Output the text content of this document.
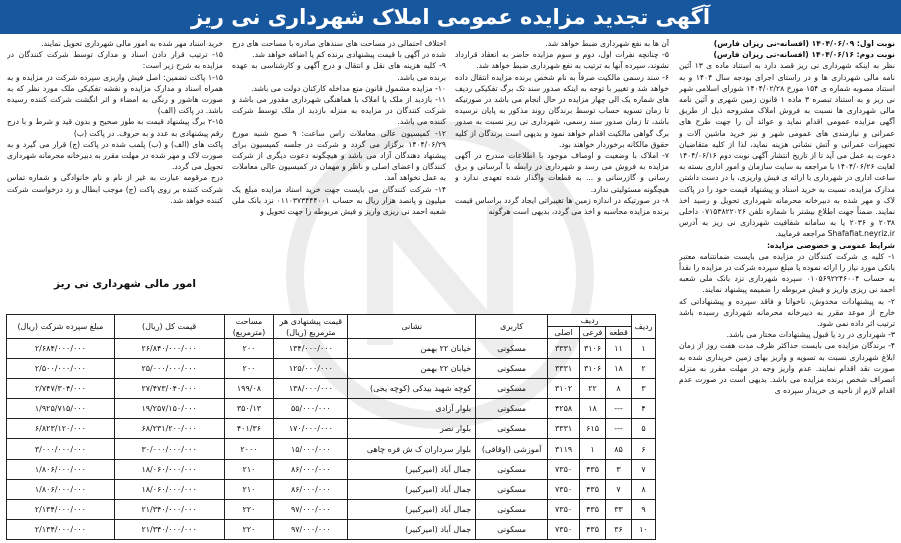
آگهی تجدید مزایده عمومی املاک شهرداری نی ریز

نوبت اول: ۱۴۰۴/۰۶/۰۹ (افسانه-نی ریزان فارس)

نوبت دوم: ۱۴۰۴/۰۶/۱۶ (افسانه-نی ریزان فارس)

نظر به اینکه شهرداری نی ریز قصد دارد به استناد ماده ی ۱۳ آئین نامه مالی شهرداری ها و در راستای اجرای بودجه سال ۱۴۰۴ و به استناد مصوبه شماره ی ۱۵۴ مورخ ۱۴۰۴/۰۲/۲۸ شورای اسلامی شهر نی ریز و به استناد تبصره ۳ ماده ۱ قانون زمین شهری و آئین نامه مالی شهرداری ها نسبت به فروش املاک مشروحه ذیل از طریق آگهی مزایده عمومی اقدام نماید و عوائد آن را جهت طرح های عمرانی و نیازمندی های عمومی شهر و نیز خرید ماشین آلات و تجهیزات عمرانی و آتش نشانی هزینه نماید، لذا از کلیه متقاضیان دعوت به عمل می آید تا از تاریخ انتشار آگهی نوبت دوم ۱۴۰۴/۰۶/۱۶ لغایت ۱۴۰۴/۰۶/۲۶ با مراجعه به سایت سازمان و امور اداری بسته به ساعت اداری در شهرداری با ارائه ی فیش واریزی، با در دست داشتن مدارک مزایده، نسبت به خرید اسناد و پیشنهاد قیمت خود را در پاکت لاک و مهر شده به دبیرخانه محرمانه شهرداری تحویل و رسید اخذ نمایند. ضمناً جهت اطلاع بیشتر با شماره تلفن ۰۷۱۵۳۸۲۲۰۲۶ داخلی ۲۰۳۸ و ۲۰۳۶ یا به سامانه شفافیت شهرداری نی ریز به آدرس Shafafiat.neyriz.ir مراجعه فرمایید.

شرایط عمومی و خصوصی مزایده:

۱- کلیه ی شرکت کنندگان در مزایده می بایست ضمانتنامه معتبر بانکی مورد نیاز را ارائه نموده یا مبلغ سپرده شرکت در مزایده را نقداً به حساب ۰۱۰۵۶۹۲۲۴۶۰۰۴ سپرده شهرداری نزد بانک ملی شعبه احمد نی ریزی واریز و فیش مربوطه را ضمیمه پیشنهاد نمایند.

۲- به پیشنهادات مخدوش، ناخوانا و فاقد سپرده و پیشنهاداتی که خارج از موعد مقرر به دبیرخانه محرمانه شهرداری رسیده باشد ترتیب اثر داده نمی شود.

۳- شهرداری در رد یا قبول پیشنهادات مختار می باشد.

۴- برندگان مزایده می بایست حداکثر ظرف مدت هفت روز از زمان ابلاغ شهرداری نسبت به تسویه و واریز بهای زمین خریداری شده به صورت نقد اقدام نمایند. عدم واریز وجه در مهلت مقرر به منزله انصراف شخص برنده مزایده می باشد. بدیهی است در صورت عدم اقدام لازم از ناحیه ی خریدار سپرده ی

آن ها به نفع شهرداری ضبط خواهد شد.

۵- چنانچه نفرات اول، دوم و سوم مزایده حاضر به انعقاد قرارداد نشوند، سپرده آنها به ترتیب به نفع شهرداری ضبط خواهد شد.

۶- سند رسمی مالکیت صرفاً به نام شخص برنده مزایده انتقال داده خواهد شد و تغییر با توجه به اینکه صدور سند تک برگ تفکیکی ردیف های شماره یک الی چهار مزایده در حال انجام می باشد در صورتیکه تا زمان تسویه حساب توسط برندگان روند مذکور به پایان نرسیده باشد، تا زمان صدور سند رسمی، شهرداری نی ریز نسبت به صدور برگ گواهی مالکیت اقدام خواهد نمود و بدیهی است برندگان از کلیه حقوق مالکانه برخوردار خواهند بود.

۷- املاک با وضعیت و اوصاف موجود با اطلاعات مندرج در آگهی مزایده به فروش می رسد و شهرداری در رابطه با آبرسانی و برق رسانی و گازرسانی و ... به قطعات واگذار شده تعهدی ندارد و هیچگونه مسئولیتی ندارد.

۸- در صورتیکه در اندازه زمین ها تغییراتی ایجاد گردد براساس قیمت برنده مزایده محاسبه و اخذ می گردد، بدیهی است هرگونه

اختلاف احتمالی در مساحت های سندهای صادره با مساحت های درج شده در آگهی با قیمت پیشنهادی برنده کم یا اضافه خواهد شد.

۹- کلیه هزینه های نقل و انتقال و درج آگهی و کارشناسی به عهده برنده می باشد.

۱۰- مزایده مشمول قانون منع مداخله کارکنان دولت می باشد.

۱۱- بازدید از ملک یا املاک با هماهنگی شهرداری مقدور می باشد و شرکت کنندگان در مزایده به منزله بازدید از ملک توسط شرکت کننده می باشد.

۱۲- کمیسیون عالی معاملات راس ساعت: ۹ صبح شنبه مورخ ۱۴۰۴/۰۶/۲۹ برگزار می گردد و شرکت در جلسه کمیسیون برای پیشنهاد دهندگان آزاد می باشد و هیچگونه دعوت دیگری از شرکت کنندگان و اعضای اصلی و ناظر و مهمان در کمیسیون عالی معاملات به عمل نخواهد آمد.

۱۴- شرکت کنندگان می بایست جهت خرید اسناد مزایده مبلغ یک میلیون و پانصد هزار ریال به حساب ۰۱۱۰۳۷۳۴۴۴۰۰۱ نزد بانک ملی شعبه احمد نی ریزی واریز و فیش مربوطه را جهت تحویل و

خرید اسناد مهر شده به امور مالی شهرداری تحویل نمایند.

۱۵- ترتیب قرار دادن اسناد و مدارک توسط شرکت کنندگان در مزایده به شرح زیر است:

۱-۱۵ پاکت تضمین: اصل فیش واریزی سپرده شرکت در مزایده و به همراه اسناد و مدارک مزایده و نقشه تفکیکی ملک مورد نظر که به صورت هاشور و رنگی به امضاء و اثر انگشت شرکت کننده رسیده باشد. در پاکت (الف)

۲-۱۵ برگ پیشنهاد قیمت به طور صحیح و بدون قید و شرط و با درج رقم پیشنهادی به عدد و به حروف. در پاکت (ب)

پاکت های (الف) و (ب) پلمب شده در پاکت (ج) قرار می گیرد و به صورت لاک و مهر شده در مهلت مقرر به دبیرخانه محرمانه شهرداری تحویل می گردد.

درج مرقومه عبارت به غیر از نام و نام خانوادگی و شماره تماس شرکت کننده بر روی پاکت (ج) موجب ابطال و رد درخواست شرکت کننده خواهد شد.

امور مالی شهرداری نی ریز
ردیف	ردیف			کاربری	نشانی	قیمت پیشنهادی هر مترمربع (ریال)	مساحت (مترمربع)	قیمت کل (ریال)	مبلغ سپرده شرکت (ریال)
	قطعه	فرعی	اصلی						
۱	۱۱	۳۱۰۶	۳۳۳۱	مسکونی	خیابان ۲۲ بهمن	۱۳۴/۰۰۰/۰۰۰	۲۰۰	۲۶/۸۴۰/۰۰۰/۰۰۰	۲/۶۸۴/۰۰۰/۰۰۰
۲	۱۸	۳۱۰۶	۳۳۳۱	مسکونی	خیابان ۲۲ بهمن	۱۲۵/۰۰۰/۰۰۰	۲۰۰	۲۵/۰۰۰/۰۰۰/۰۰۰	۲/۵۰۰/۰۰۰/۰۰۰
۳	۸	۲۲	۳۱۰۲	مسکونی	کوچه شهید بیدکی (کوچه یخی)	۱۳۸/۰۰۰/۰۰۰	۱۹۹/۰۸	۲۷/۴۷۳/۰۴۰/۰۰۰	۲/۷۴۷/۳۰۴/۰۰۰
۴	---	۱۸	۴۲۵۸	مسکونی	بلوار آزادی	۵۵/۰۰۰/۰۰۰	۳۵۰/۱۳	۱۹/۲۵۷/۱۵۰/۰۰۰	۱/۹۲۵/۷۱۵/۰۰۰
۵	---	۶۱۵	۳۳۳۱	مسکونی	بلوار نصر	۱۷۰/۰۰۰/۰۰۰	۴۰۱/۳۶	۶۸/۲۳۱/۲۰۰/۰۰۰	۶/۸۲۳/۱۲۰/۰۰۰
۶	۸۵	۱	۳۱۱۹	آموزشی (اوقافی)	بلوار سرداران ک ش فره چاهی	۱۵/۰۰۰/۰۰۰	۲۰۰۰	۳۰/۰۰۰/۰۰۰/۰۰۰	۳/۰۰۰/۰۰۰/۰۰۰
۷	۳	۴۳۵	۷۳۵۰	مسکونی	جمال آباد (امیرکبیر)	۸۶/۰۰۰/۰۰۰	۲۱۰	۱۸/۰۶۰/۰۰۰/۰۰۰	۱/۸۰۶/۰۰۰/۰۰۰
۸	۷	۴۳۵	۷۳۵۰	مسکونی	جمال آباد (امیرکبیر)	۸۶/۰۰۰/۰۰۰	۲۱۰	۱۸/۰۶۰/۰۰۰/۰۰۰	۱/۸۰۶/۰۰۰/۰۰۰
۹	۳۳	۴۳۵	۷۳۵۰	مسکونی	جمال آباد (امیرکبیر)	۹۷/۰۰۰/۰۰۰	۲۲۰	۲۱/۳۴۰/۰۰۰/۰۰۰	۲/۱۳۴/۰۰۰/۰۰۰
۱۰	۳۶	۴۳۵	۷۳۵۰	مسکونی	جمال آباد (امیرکبیر)	۹۷/۰۰۰/۰۰۰	۲۲۰	۲۱/۳۴۰/۰۰۰/۰۰۰	۲/۱۳۴/۰۰۰/۰۰۰
